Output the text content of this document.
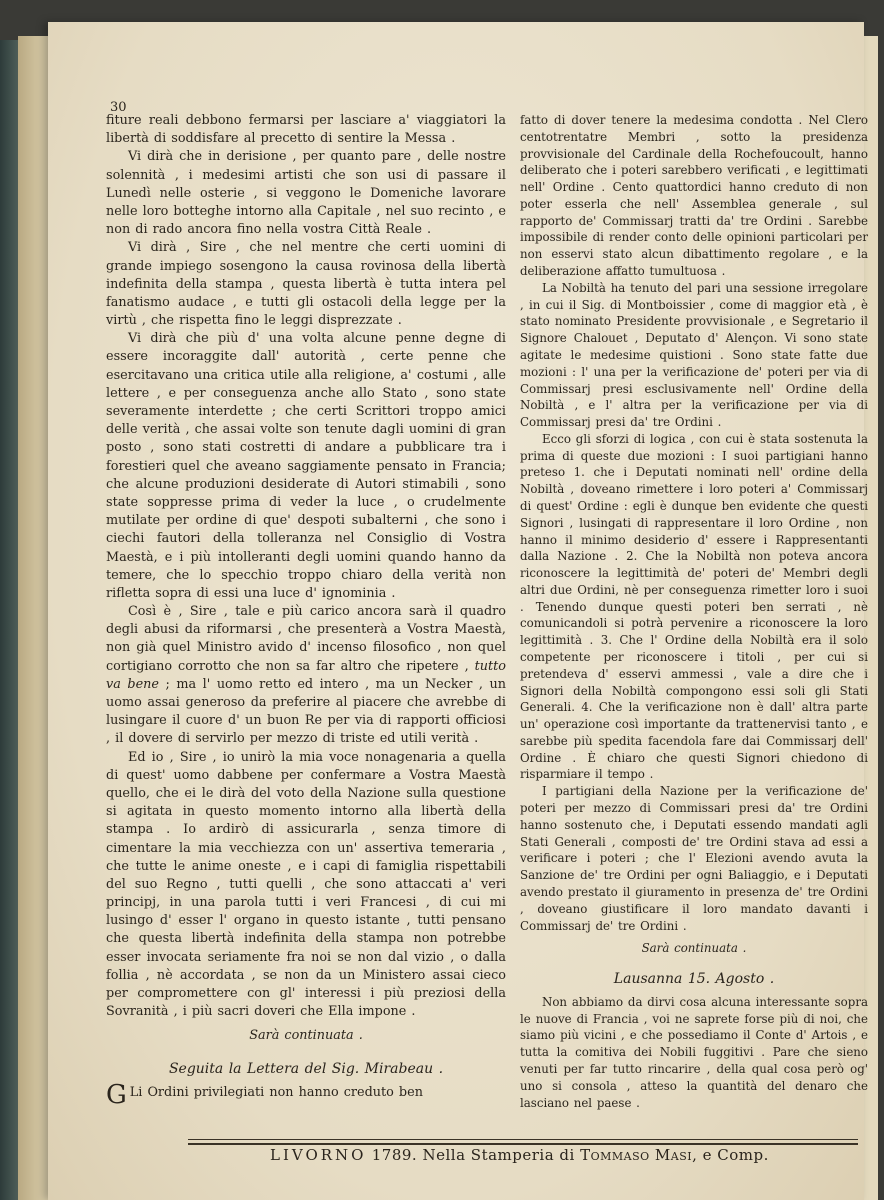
30

fiture reali debbono fermarsi per lasciare a' viaggiatori la libertà di soddisfare al precetto di sentire la Messa .

Vi dirà che in derisione , per quanto pare , delle nostre solennità , i medesimi artisti che son usi di passare il Lunedì nelle osterie , si veggono le Domeniche lavorare nelle loro botteghe intorno alla Capitale , nel suo recinto , e non di rado ancora fino nella vostra Città Reale .

Vi dirà , Sire , che nel mentre che certi uomini di grande impiego sosengono la causa rovinosa della libertà indefinita della stampa , questa libertà è tutta intera pel fanatismo audace , e tutti gli ostacoli della legge per la virtù , che rispetta fino le leggi disprezzate .

Vi dirà che più d' una volta alcune penne degne di essere incoraggite dall' autorità , certe penne che esercitavano una critica utile alla religione, a' costumi , alle lettere , e per conseguenza anche allo Stato , sono state severamente interdette ; che certi Scrittori troppo amici delle verità , che assai volte son tenute dagli uomini di gran posto , sono stati costretti di andare a pubblicare tra i forestieri quel che aveano saggiamente pensato in Francia; che alcune produzioni desiderate di Autori stimabili , sono state soppresse prima di veder la luce , o crudelmente mutilate per ordine di que' despoti subalterni , che sono i ciechi fautori della tolleranza nel Consiglio di Vostra Maestà, e i più intolleranti degli uomini quando hanno da temere, che lo specchio troppo chiaro della verità non rifletta sopra di essi una luce d' ignominia .

Così è , Sire , tale e più carico ancora sarà il quadro degli abusi da riformarsi , che presenterà a Vostra Maestà, non già quel Ministro avido d' incenso filosofico , non quel cortigiano corrotto che non sa far altro che ripetere , tutto va bene ; ma l' uomo retto ed intero , ma un Necker , un uomo assai generoso da preferire al piacere che avrebbe di lusingare il cuore d' un buon Re per via di rapporti officiosi , il dovere di servirlo per mezzo di triste ed utili verità .

Ed io , Sire , io unirò la mia voce nonagenaria a quella di quest' uomo dabbene per confermare a Vostra Maestà quello, che ei le dirà del voto della Nazione sulla questione si agitata in questo momento intorno alla libertà della stampa . Io ardirò di assicurarla , senza timore di cimentare la mia vecchiezza con un' assertiva temeraria , che tutte le anime oneste , e i capi di famiglia rispettabili del suo Regno , tutti quelli , che sono attaccati a' veri principj, in una parola tutti i veri Francesi , di cui mi lusingo d' esser l' organo in questo istante , tutti pensano che questa libertà indefinita della stampa non potrebbe esser invocata seriamente fra noi se non dal vizio , o dalla follia , nè accordata , se non da un Ministero assai cieco per compromettere con gl' interessi i più preziosi della Sovranità , i più sacri doveri che Ella impone .

Sarà continuata .

Seguita la Lettera del Sig. Mirabeau .

G Li Ordini privilegiati non hanno creduto ben

fatto di dover tenere la medesima condotta . Nel Clero centotrentatre Membri , sotto la presidenza provvisionale del Cardinale della Rochefoucoult, hanno deliberato che i poteri sarebbero verificati , e legittimati nell' Ordine . Cento quattordici hanno creduto di non poter esserla che nell' Assemblea generale , sul rapporto de' Commissarj tratti da' tre Ordini . Sarebbe impossibile di render conto delle opinioni particolari per non esservi stato alcun dibattimento regolare , e la deliberazione affatto tumultuosa .

La Nobiltà ha tenuto del pari una sessione irregolare , in cui il Sig. di Montboissier , come di maggior età , è stato nominato Presidente provvisionale , e Segretario il Signore Chalouet , Deputato d' Alençon. Vi sono state agitate le medesime quistioni . Sono state fatte due mozioni : l' una per la verificazione de' poteri per via di Commissarj presi esclusivamente nell' Ordine della Nobiltà , e l' altra per la verificazione per via di Commissarj presi da' tre Ordini .

Ecco gli sforzi di logica , con cui è stata sostenuta la prima di queste due mozioni : I suoi partigiani hanno preteso 1. che i Deputati nominati nell' ordine della Nobiltà , doveano rimettere i loro poteri a' Commissarj di quest' Ordine : egli è dunque ben evidente che questi Signori , lusingati di rappresentare il loro Ordine , non hanno il minimo desiderio d' essere i Rappresentanti dalla Nazione . 2. Che la Nobiltà non poteva ancora riconoscere la legittimità de' poteri de' Membri degli altri due Ordini, nè per conseguenza rimetter loro i suoi . Tenendo dunque questi poteri ben serrati , nè comunicandoli si potrà pervenire a riconoscere la loro legittimità . 3. Che l' Ordine della Nobiltà era il solo competente per riconoscere i titoli , per cui si pretendeva d' esservi ammessi , vale a dire che i Signori della Nobiltà compongono essi soli gli Stati Generali. 4. Che la verificazione non è dall' altra parte un' operazione così importante da trattenervisi tanto , e sarebbe più spedita facendola fare dai Commissarj dell' Ordine . È chiaro che questi Signori chiedono di risparmiare il tempo .

I partigiani della Nazione per la verificazione de' poteri per mezzo di Commissari presi da' tre Ordini hanno sostenuto che, i Deputati essendo mandati agli Stati Generali , composti de' tre Ordini stava ad essi a verificare i poteri ; che l' Elezioni avendo avuta la Sanzione de' tre Ordini per ogni Baliaggio, e i Deputati avendo prestato il giuramento in presenza de' tre Ordini , doveano giustificare il loro mandato davanti i Commissarj de' tre Ordini .

Sarà continuata .

Lausanna 15. Agosto .

Non abbiamo da dirvi cosa alcuna interessante sopra le nuove di Francia , voi ne saprete forse più di noi, che siamo più vicini , e che possediamo il Conte d' Artois , e tutta la comitiva dei Nobili fuggitivi . Pare che sieno venuti per far tutto rincarire , della qual cosa però og' uno si consola , atteso la quantità del denaro che lasciano nel paese .

LIVORNO 1789. Nella Stamperia di Tommaso Masi, e Comp.
